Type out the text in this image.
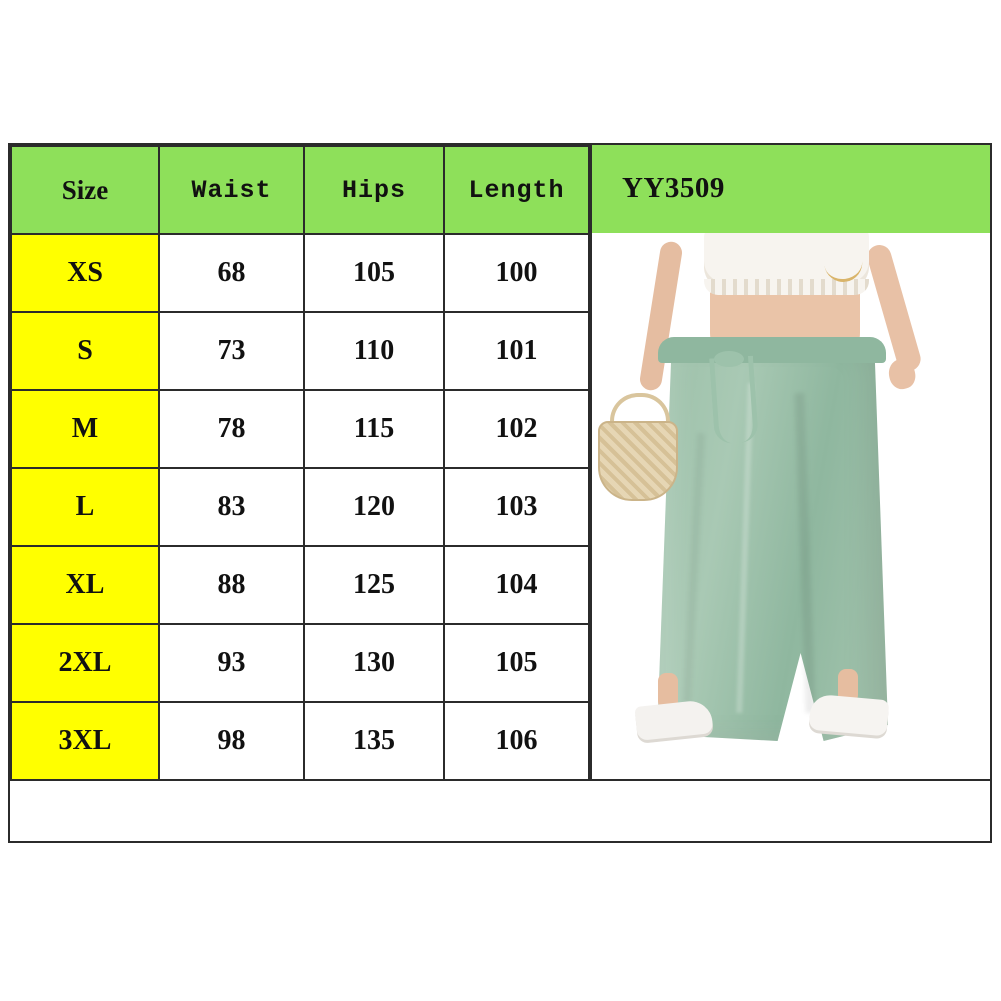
Size	Waist	Hips	Length
XS	68	105	100
S	73	110	101
M	78	115	102
L	83	120	103
XL	88	125	104
2XL	93	130	105
3XL	98	135	106
YY3509
